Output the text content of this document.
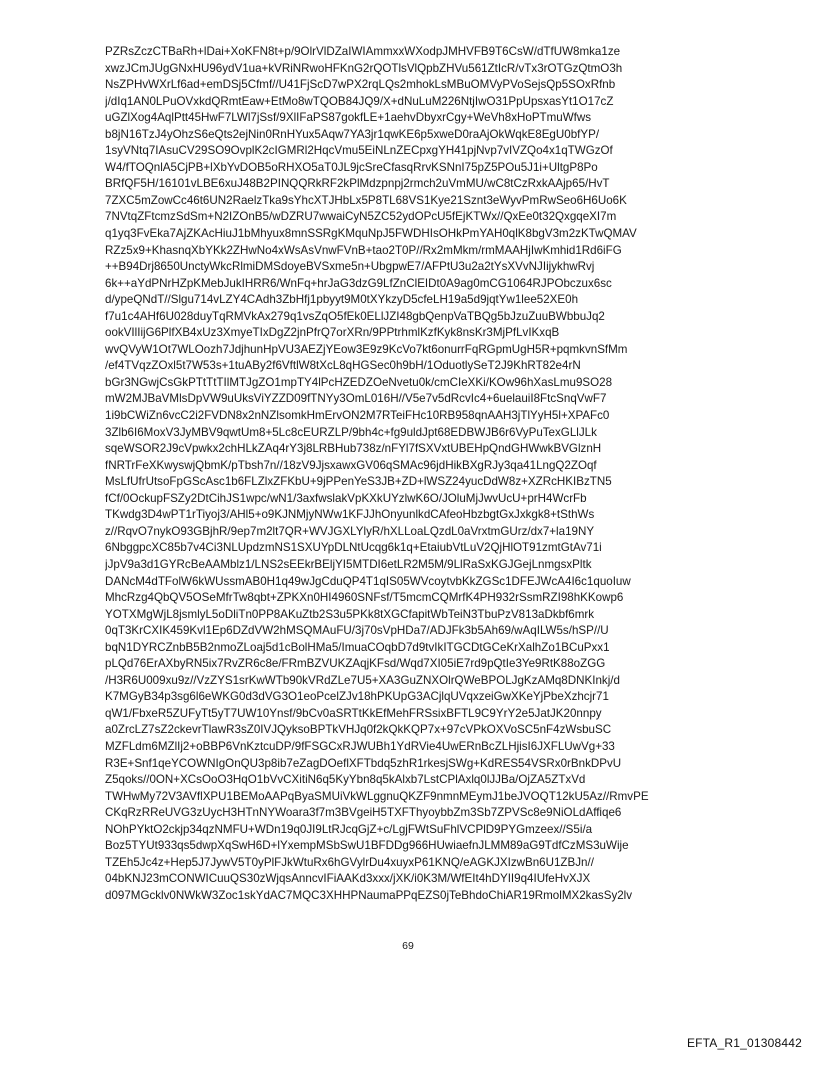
PZRsZczCTBaRh+lDai+XoKFN8t+p/9OlrVlDZaIWIAmmxxWXodpJMHVFB9T6CsW/dTfUW8mka1ze
xwzJCmJUgGNxHU96ydV1ua+kVRiNRwoHFKnG2rQOTlsVlQpbZHVu561ZtIcR/vTx3rOTGzQtmO3h
NsZPHvWXrLf6ad+emDSj5Cfmf//U41FjScD7wPX2rqLQs2mhokLsMBuOMVyPVoSejsQp5SOxRfnb
j/dIq1AN0LPuOVxkdQRmtEaw+EtMo8wTQOB84JQ9/X+dNuLuM226NtjIwO31PpUpsxasYt1O17cZ
uGZlXog4AqlPtt45HwF7LWl7jSsf/9XlIFaPS87gokfLE+1aehvDbyxrCgy+WeVh8xHoPTmuWfws
b8jN16TzJ4yOhzS6eQts2ejNin0RnHYux5Aqw7YA3jr1qwKE6p5xweD0raAjOkWqkE8EgU0bfYP/
1syVNtq7IAsuCV29SO9OvplK2cIGMRl2HqcVmu5EiNLnZECpxgYH41pjNvp7vIVZQo4x1qTWGzOf
W4/fTOQnlA5CjPB+lXbYvDOB5oRHXO5aT0JL9jcSreCfasqRrvKSNnI75pZ5POu5J1i+UltgP8Po
BRfQF5H/16101vLBE6xuJ48B2PINQQRkRF2kPlMdzpnpj2rmch2uVmMU/wC8tCzRxkAAjp65/HvT
7ZXC5mZowCc46t6UN2RaelzTka9sYhcXTJHbLx5P8TL68VS1Kye21Sznt3eWyvPmRwSeo6H6Uo6K
7NVtqZFtcmzSdSm+N2IZOnB5/wDZRU7wwaiCyN5ZC52ydOPcU5fEjKTWx//QxEe0t32QxgqeXI7m
q1yq3FvEka7AjZKAcHiuJ1bMhyux8mnSSRgKMquNpJ5FWDHIsOHkPmYAH0qlK8bgV3m2zKTwQMAV
RZz5x9+KhasnqXbYKk2ZHwNo4xWsAsVnwFVnB+tao2T0P//Rx2mMkm/rmMAAHjIwKmhid1Rd6iFG
++B94Drj8650UnctyWkcRlmiDMSdoyeBVSxme5n+UbgpwE7/AFPtU3u2a2tYsXVvNJIijykhwRvj
6k++aYdPNrHZpKMebJukIHRR6/WnFq+hrJaG3dzG9LfZnClEIDt0A9ag0mCG1064RJPObczux6sc
d/ypeQNdT//Slgu714vLZY4CAdh3ZbHfj1pbyyt9M0tXYkzyD5cfeLH19a5d9jqtYw1lee52XE0h
f7u1c4AHf6U028duyTqRMVkAx279q1vsZqO5fEk0ELlJZI48gbQenpVaTBQg5bJzuZuuBWbbuJq2
ookVIlIijG6PlfXB4xUz3XmyeTIxDgZ2jnPfrQ7orXRn/9PPtrhmlKzfKyk8nsKr3MjPfLvIKxqB
wvQVyW1Ot7WLOozh7JdjhunHpVU3AEZjYEow3E9z9KcVo7kt6onurrFqRGpmUgH5R+pqmkvnSfMm
/ef4TVqzZOxl5t7W53s+1tuABy2f6VftlW8tXcL8qHGSec0h9bH/1OduotlySeT2J9KhRT82e4rN
bGr3NGwjCsGkPTtTtTIlMTJgZO1mpTY4lPcHZEDZOeNvetu0k/cmCIeXKi/KOw96hXasLmu9SO28
mW2MJBaVMlsDpVW9uUksViYZZD09fTNYy3OmL016H//V5e7v5dRcvIc4+6uelauiI8FtcSnqVwF7
1i9bCWiZn6vcC2i2FVDN8x2nNZlsomkHmErvON2M7RTeiFHc10RB958qnAAH3jTlYyH5l+XPAFc0
3Zlb6I6MoxV3JyMBV9qwtUm8+5Lc8cEURZLP/9bh4c+fg9uldJpt68EDBWJB6r6VyPuTexGLlJLk
sqeWSOR2J9cVpwkx2chHLkZAq4rY3j8LRBHub738z/nFYl7fSXVxtUBEHpQndGHWwkBVGlznH
fNRTrFeXKwyswjQbmK/pTbsh7n//18zV9JjsxawxGV06qSMAc96jdHikBXgRJy3qa41LngQ2ZOqf
MsLfUfrUtsoFpGScAsc1b6FLZlxZFKbU+9jPPenYeS3JB+ZD+lWSZ24yucDdW8z+XZRcHKIBzTN5
fCf/0OckupFSZy2DtCihJS1wpc/wN1/3axfwslakVpKXkUYzlwK6O/JOluMjJwvUcU+prH4WcrFb
TKwdg3D4wPT1rTiyoj3/AHl5+o9KJNMjyNWw1KFJJhOnyunlkdCAfeoHbzbgtGxJxkgk8+tSthWs
z//RqvO7nykO93GBjhR/9ep7m2lt7QR+WVJGXLYlyR/hXLLoaLQzdL0aVrxtmGUrz/dx7+la19NY
6NbggpcXC85b7v4Ci3NLUpdzmNS1SXUYpDLNtUcqg6k1q+EtaiubVtLuV2QjHlOT91zmtGtAv71i
jJpV9a3d1GYRcBeAAMblz1/LNS2sEEkrBEljYI5MTDI6etLR2M5M/9LlRaSxKGJGejLnmgsxPltk
DANcM4dTFolW6kWUssmAB0H1q49wJgCduQP4T1qIS05WVcoytvbKkZGSc1DFEJWcA4I6c1quoIuw
MhcRzg4QbQV5OSeMfrTw8qbt+ZPKXn0HI4960SNFsf/T5mcmCQMrfK4PH932rSsmRZI98hKKowp6
YOTXMgWjL8jsmlyL5oDliTn0PP8AKuZtb2S3u5PKk8tXGCfapitWbTeiN3TbuPzV813aDkbf6mrk
0qT3KrCXIK459Kvl1Ep6DZdVW2hMSQMAuFU/3j70sVpHDa7/ADJFk3b5Ah69/wAqILW5s/hSP//U
bqN1DYRCZnbB5B2nmoZLoaj5d1cBolHMa5/ImuaCOqbD7d9tvIkITGCDtGCeKrXalhZo1BCuPxx1
pLQd76ErAXbyRN5ix7RvZR6c8e/FRmBZVUKZAqjKFsd/Wqd7XI05iE7rd9pQtIe3Ye9RtK88oZGG
/H3R6U009xu9z//VzZYS1srKwWTb90kVRdZLe7U5+XA3GuZNXOlrQWeBPOLJgKzAMq8DNKInkj/d
K7MGyB34p3sg6l6eWKG0d3dVG3O1eoPcelZJv18hPKUpG3ACjlqUVqxzeiGwXKeYjPbeXzhcjr71
qW1/FbxeR5ZUFyTt5yT7UW10Ynsf/9bCv0aSRTtKkEfMehFRSsixBFTL9C9YrY2e5JatJK20nnpy
a0ZrcLZ7sZ2ckevrTlawR3sZ0IVJQyksoBPTkVHJq0f2kQkKQP7x+97cVPkOXVoSC5nF4zWsbuSC
MZFLdm6MZlIj2+oBBP6VnKztcuDP/9fFSGCxRJWUBh1YdRVie4UwERnBcZLHjisI6JXFLUwVg+33
R3E+Snf1qeYCOWNIgOnQU3p8ib7eZagDOeflXFTbdq5zhR1rkesjSWg+KdRES54VSRx0rBnkDPvU
Z5qoks//0ON+XCsOoO3HqO1bVvCXitiN6q5KyYbn8q5kAlxb7LstCPlAxlq0lJJBa/OjZA5ZTxVd
TWHwMy72V3AVflXPU1BEMoAAPqByaSMUiVkWLggnuQKZF9nmnMEymJ1beJVOQT12kU5Az//RmvPE
CKqRzRReUVG3zUycH3HTnNYWoara3f7m3BVgeiH5TXFThyoybbZm3Sb7ZPVSc8e9NiOLdAffiqe6
NOhPYktO2ckjp34qzNMFU+WDn19q0JI9LtRJcqGjZ+c/LgjFWtSuFhlVCPlD9PYGmzeex//S5i/a
Boz5TYUt933qs5dwpXqSwH6D+lYxempMSbSwU1BFDDg966HUwiaefnJLMM89aG9TdfCzMS3uWije
TZEh5Jc4z+Hep5J7JywV5T0yPlFJkWtuRx6hGVylrDu4xuyxP61KNQ/eAGKJXIzwBn6U1ZBJn//
04bKNJ23mCONWICuuQS30zWjqsAnncvIFiAAKd3xxx/jXK/i0K3M/WfEIt4hDYII9q4IUfeHvXJX
d097MGcklv0NWkW3Zoc1skYdAC7MQC3XHHPNaumaPPqEZS0jTeBhdoChiAR19RmolMX2kasSy2lv
69
EFTA_R1_01308442
